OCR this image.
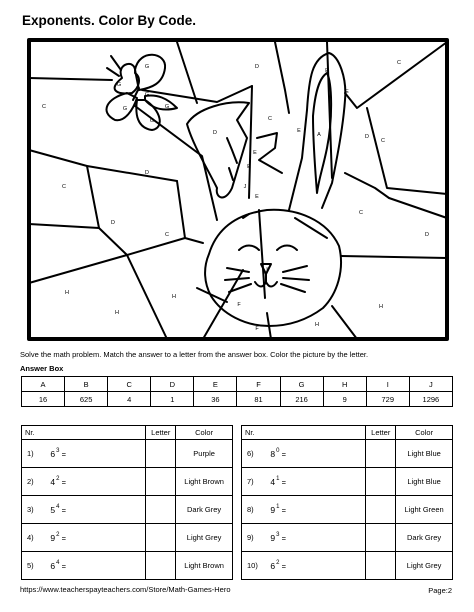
Exponents. Color By Code.
G
G
G
G
G
G
C
C
C
C
C
C
C
D
D
D
D
D
D
E
E
E
E
E
E
A
J
I
H
H
H
H
H
F
F
Solve the math problem. Match the answer to a letter from the answer box. Color the picture by the letter.
Answer Box
A	B	C	D	E	F	G	H	I	J
16	625	4	1	36	81	216	9	729	1296
Nr.		Letter	Color
1)	$6^3$ =		Purple
2)	$4^2$ =		Light Brown
3)	$5^4$ =		Dark Grey
4)	$9^2$ =		Light Grey
5)	$6^4$ =		Light Brown
Nr.		Letter	Color
6)	$8^0$ =		Light Blue
7)	$4^1$ =		Light Blue
8)	$9^1$ =		Light Green
9)	$9^3$ =		Dark Grey
10)	$6^2$ =		Light Grey
https://www.teacherspayteachers.com/Store/Math-Games-Hero	Page:2
